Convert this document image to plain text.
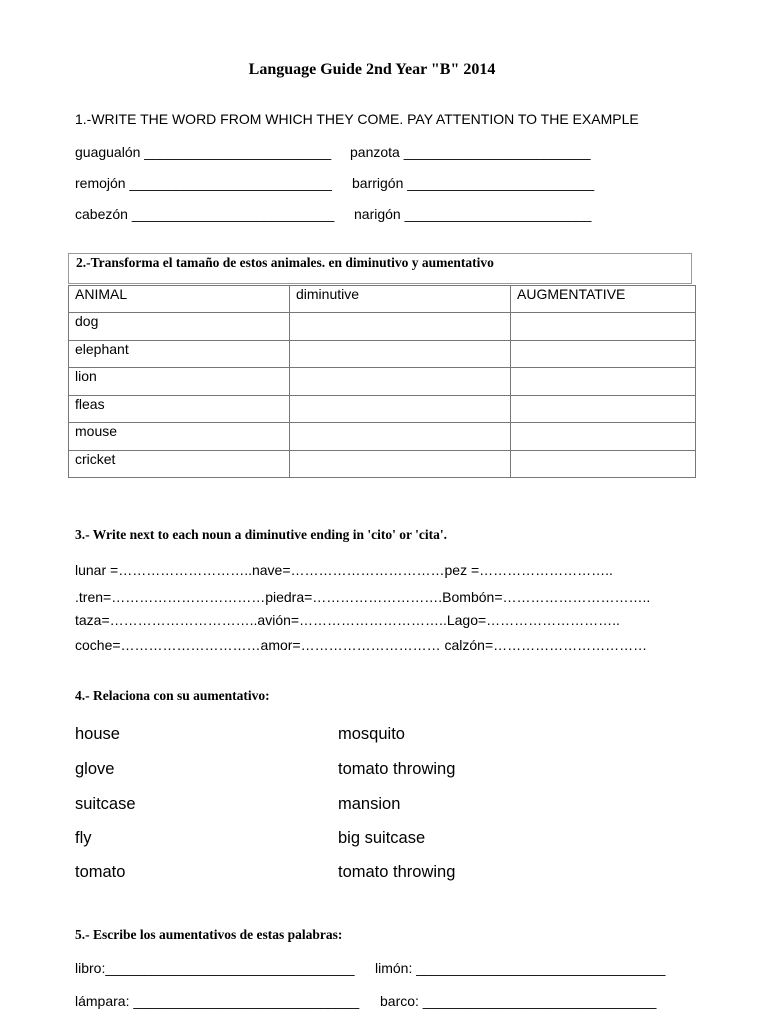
Language Guide 2nd Year "B" 2014
1.-WRITE THE WORD FROM WHICH THEY COME. PAY ATTENTION TO THE EXAMPLE
guagualón ________________________ panzota ________________________
remojón __________________________ barrigón ________________________
cabezón __________________________ narigón ________________________
2.-Transforma el tamaño de estos animales. en diminutivo y aumentativo
ANIMAL	diminutive	AUGMENTATIVE
dog		
elephant		
lion		
fleas		
mouse		
cricket		
3.- Write next to each noun a diminutive ending in 'cito' or 'cita'.
lunar =………………………..nave=……………………………pez =………………………..
.tren=……………………………piedra=……………………….Bombón=…………………………..
taza=…………………………..avión=…………………………..Lago=………………………..
coche=…………………………amor=………………………… calzón=……………………………
4.- Relaciona con su aumentativo:
house	mosquito
glove	tomato throwing
suitcase	mansion
fly	big suitcase
tomato	tomato throwing
5.- Escribe los aumentativos de estas palabras:
libro:________________________________ limón: ________________________________
lámpara: _____________________________ barco: ______________________________
